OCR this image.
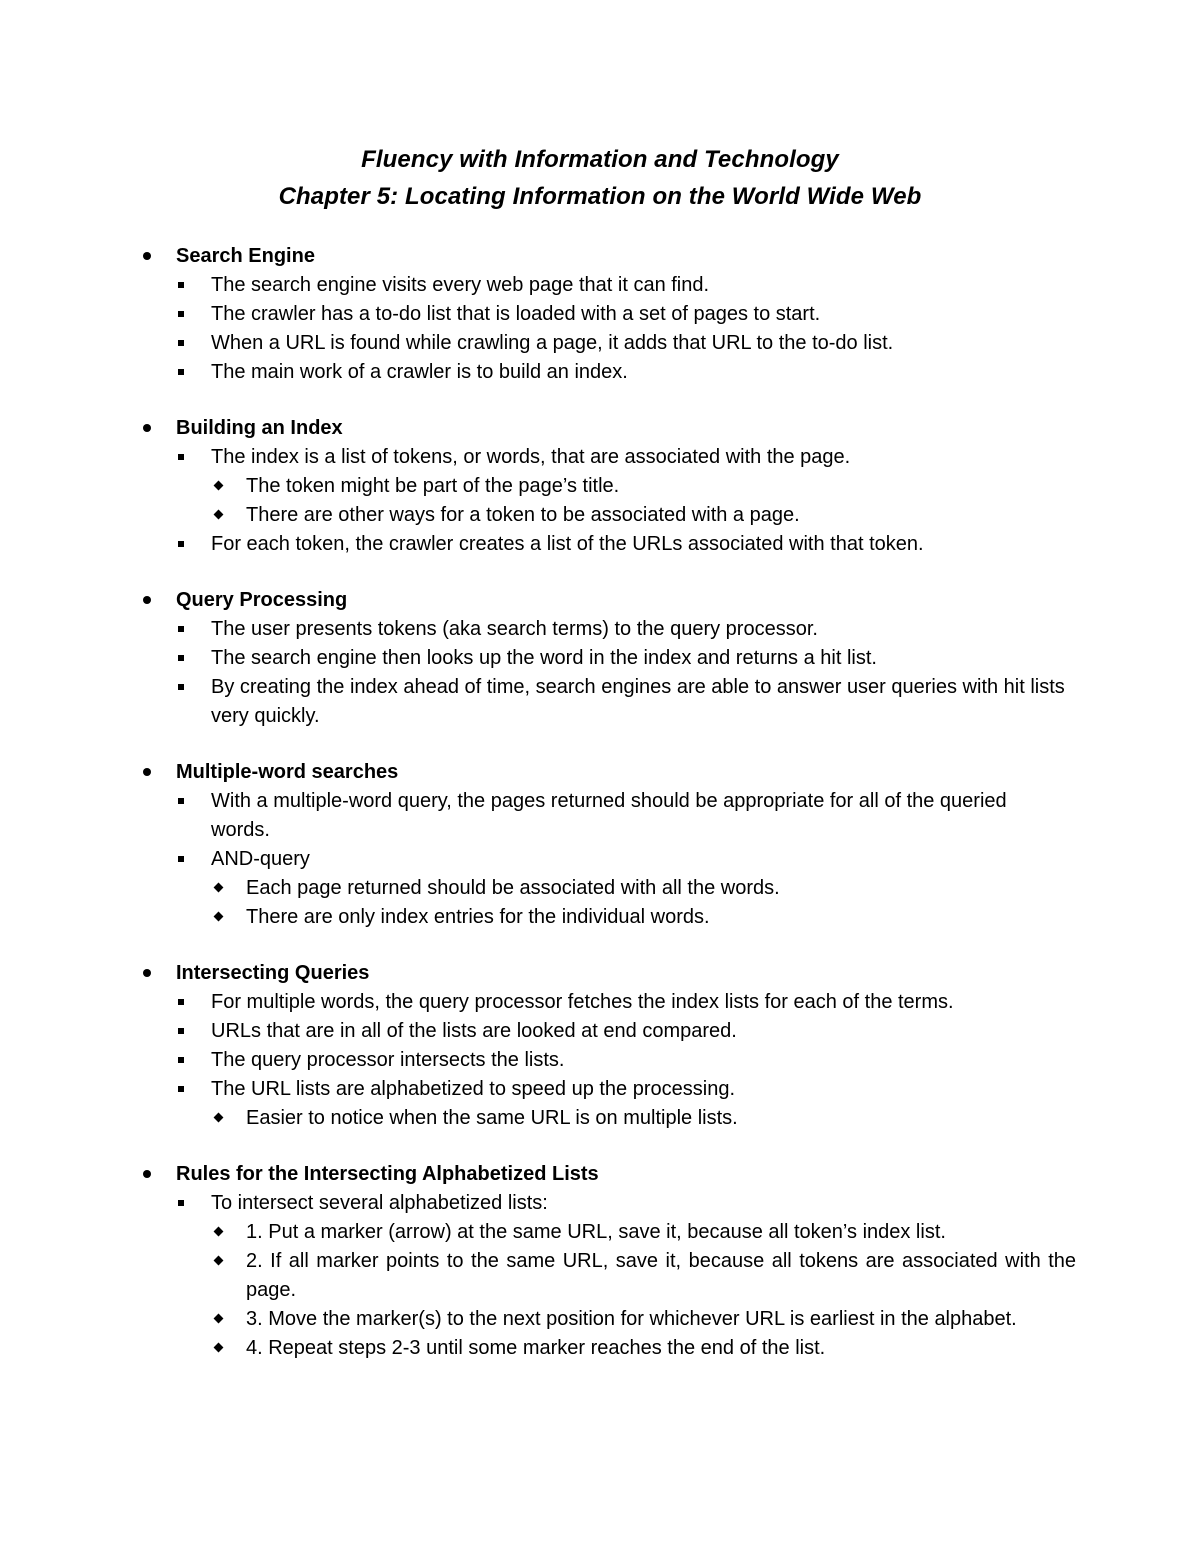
Fluency with Information and Technology
Chapter 5: Locating Information on the World Wide Web
Search Engine
The search engine visits every web page that it can find.
The crawler has a to-do list that is loaded with a set of pages to start.
When a URL is found while crawling a page, it adds that URL to the to-do list.
The main work of a crawler is to build an index.
Building an Index
The index is a list of tokens, or words, that are associated with the page.
The token might be part of the page’s title.
There are other ways for a token to be associated with a page.
For each token, the crawler creates a list of the URLs associated with that token.
Query Processing
The user presents tokens (aka search terms) to the query processor.
The search engine then looks up the word in the index and returns a hit list.
By creating the index ahead of time, search engines are able to answer user queries with hit lists very quickly.
Multiple-word searches
With a multiple-word query, the pages returned should be appropriate for all of the queried words.
AND-query
Each page returned should be associated with all the words.
There are only index entries for the individual words.
Intersecting Queries
For multiple words, the query processor fetches the index lists for each of the terms.
URLs that are in all of the lists are looked at end compared.
The query processor intersects the lists.
The URL lists are alphabetized to speed up the processing.
Easier to notice when the same URL is on multiple lists.
Rules for the Intersecting Alphabetized Lists
To intersect several alphabetized lists:
1. Put a marker (arrow) at the same URL, save it, because all token’s index list.
2. If all marker points to the same URL, save it, because all tokens are associated with the page.
3. Move the marker(s) to the next position for whichever URL is earliest in the alphabet.
4. Repeat steps 2-3 until some marker reaches the end of the list.
